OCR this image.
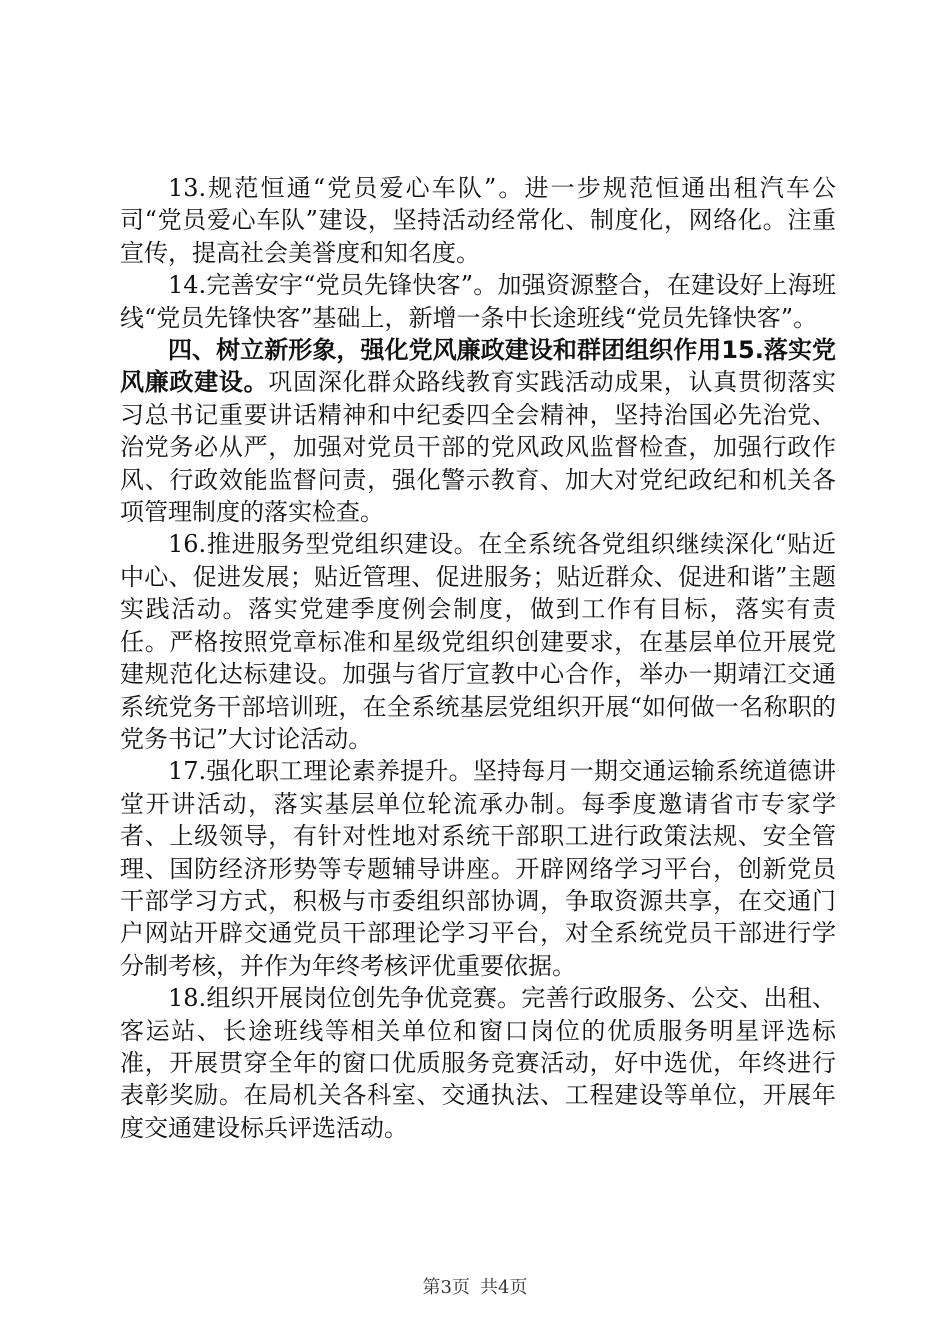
13.规范恒通“党员爱心车队”。进一步规范恒通出租汽车公司“党员爱心车队”建设，坚持活动经常化、制度化，网络化。注重宣传，提高社会美誉度和知名度。

14.完善安宇“党员先锋快客”。加强资源整合，在建设好上海班线“党员先锋快客”基础上，新增一条中长途班线“党员先锋快客”。

四、树立新形象，强化党风廉政建设和群团组织作用15.落实党风廉政建设。巩固深化群众路线教育实践活动成果，认真贯彻落实习总书记重要讲话精神和中纪委四全会精神，坚持治国必先治党、治党务必从严，加强对党员干部的党风政风监督检查，加强行政作风、行政效能监督问责，强化警示教育、加大对党纪政纪和机关各项管理制度的落实检查。

16.推进服务型党组织建设。在全系统各党组织继续深化“贴近中心、促进发展；贴近管理、促进服务；贴近群众、促进和谐”主题实践活动。落实党建季度例会制度，做到工作有目标，落实有责任。严格按照党章标准和星级党组织创建要求，在基层单位开展党建规范化达标建设。加强与省厅宣教中心合作，举办一期靖江交通系统党务干部培训班，在全系统基层党组织开展“如何做一名称职的党务书记”大讨论活动。

17.强化职工理论素养提升。坚持每月一期交通运输系统道德讲堂开讲活动，落实基层单位轮流承办制。每季度邀请省市专家学者、上级领导，有针对性地对系统干部职工进行政策法规、安全管理、国防经济形势等专题辅导讲座。开辟网络学习平台，创新党员干部学习方式，积极与市委组织部协调，争取资源共享，在交通门户网站开辟交通党员干部理论学习平台，对全系统党员干部进行学分制考核，并作为年终考核评优重要依据。

18.组织开展岗位创先争优竞赛。完善行政服务、公交、出租、客运站、长途班线等相关单位和窗口岗位的优质服务明星评选标准，开展贯穿全年的窗口优质服务竞赛活动，好中选优，年终进行表彰奖励。在局机关各科室、交通执法、工程建设等单位，开展年度交通建设标兵评选活动。

第3页 共4页
